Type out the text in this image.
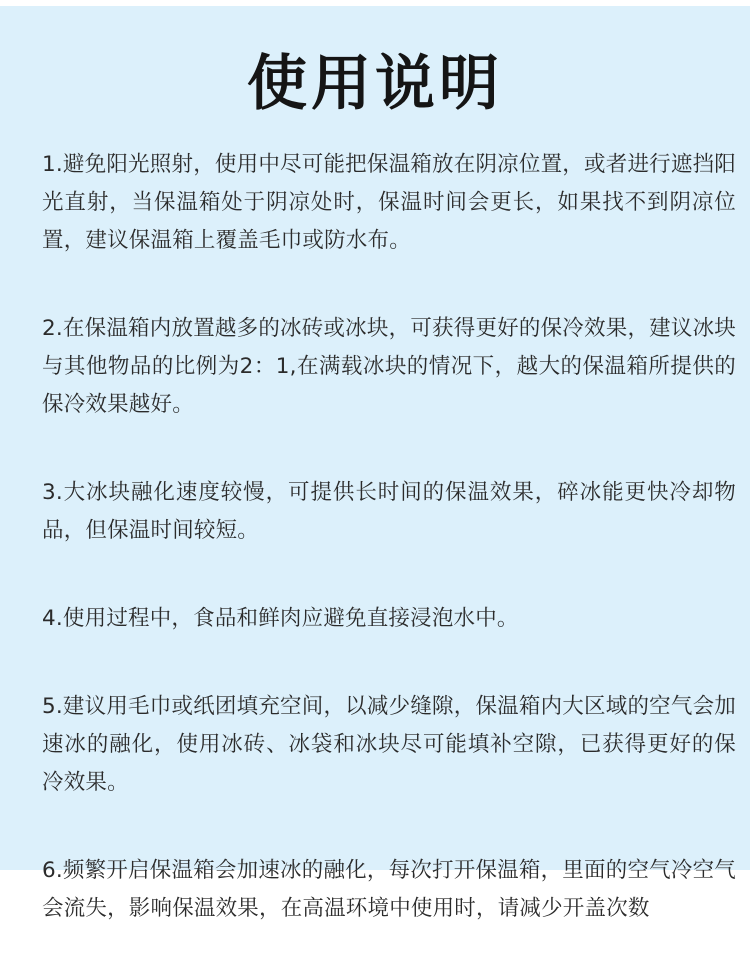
使用说明

1.避免阳光照射，使用中尽可能把保温箱放在阴凉位置，或者进行遮挡阳光直射，当保温箱处于阴凉处时，保温时间会更长，如果找不到阴凉位置，建议保温箱上覆盖毛巾或防水布。

2.在保温箱内放置越多的冰砖或冰块，可获得更好的保冷效果，建议冰块与其他物品的比例为2：1,在满载冰块的情况下，越大的保温箱所提供的保冷效果越好。

3.大冰块融化速度较慢，可提供长时间的保温效果，碎冰能更快冷却物品，但保温时间较短。

4.使用过程中，食品和鲜肉应避免直接浸泡水中。

5.建议用毛巾或纸团填充空间，以减少缝隙，保温箱内大区域的空气会加速冰的融化，使用冰砖、冰袋和冰块尽可能填补空隙，已获得更好的保冷效果。

6.频繁开启保温箱会加速冰的融化，每次打开保温箱，里面的空气冷空气会流失，影响保温效果，在高温环境中使用时，请减少开盖次数
